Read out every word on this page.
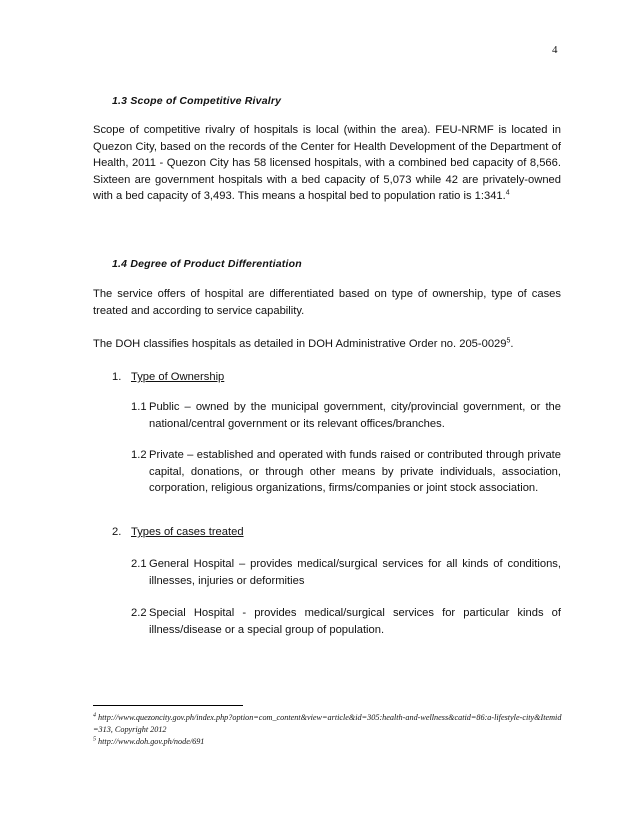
4
1.3 Scope of Competitive Rivalry
Scope of competitive rivalry of hospitals is local (within the area). FEU-NRMF is located in Quezon City, based on the records of the Center for Health Development of the Department of Health, 2011 - Quezon City has 58 licensed hospitals, with a combined bed capacity of 8,566. Sixteen are government hospitals with a bed capacity of 5,073 while 42 are privately-owned with a bed capacity of 3,493. This means a hospital bed to population ratio is 1:341.$^4$
1.4 Degree of Product Differentiation
The service offers of hospital are differentiated based on type of ownership, type of cases treated and according to service capability.
The DOH classifies hospitals as detailed in DOH Administrative Order no. 205-0029$^5$.
1. Type of Ownership
1.1 Public – owned by the municipal government, city/provincial government, or the national/central government or its relevant offices/branches.
1.2 Private – established and operated with funds raised or contributed through private capital, donations, or through other means by private individuals, association, corporation, religious organizations, firms/companies or joint stock association.
2. Types of cases treated
2.1 General Hospital – provides medical/surgical services for all kinds of conditions, illnesses, injuries or deformities
2.2 Special Hospital - provides medical/surgical services for particular kinds of illness/disease or a special group of population.
$^4$ http://www.quezoncity.gov.ph/index.php?option=com_content&view=article&id=305:health-and-wellness&catid=86:a-lifestyle-city&Itemid=313, Copyright 2012
$^5$ http://www.doh.gov.ph/node/691
